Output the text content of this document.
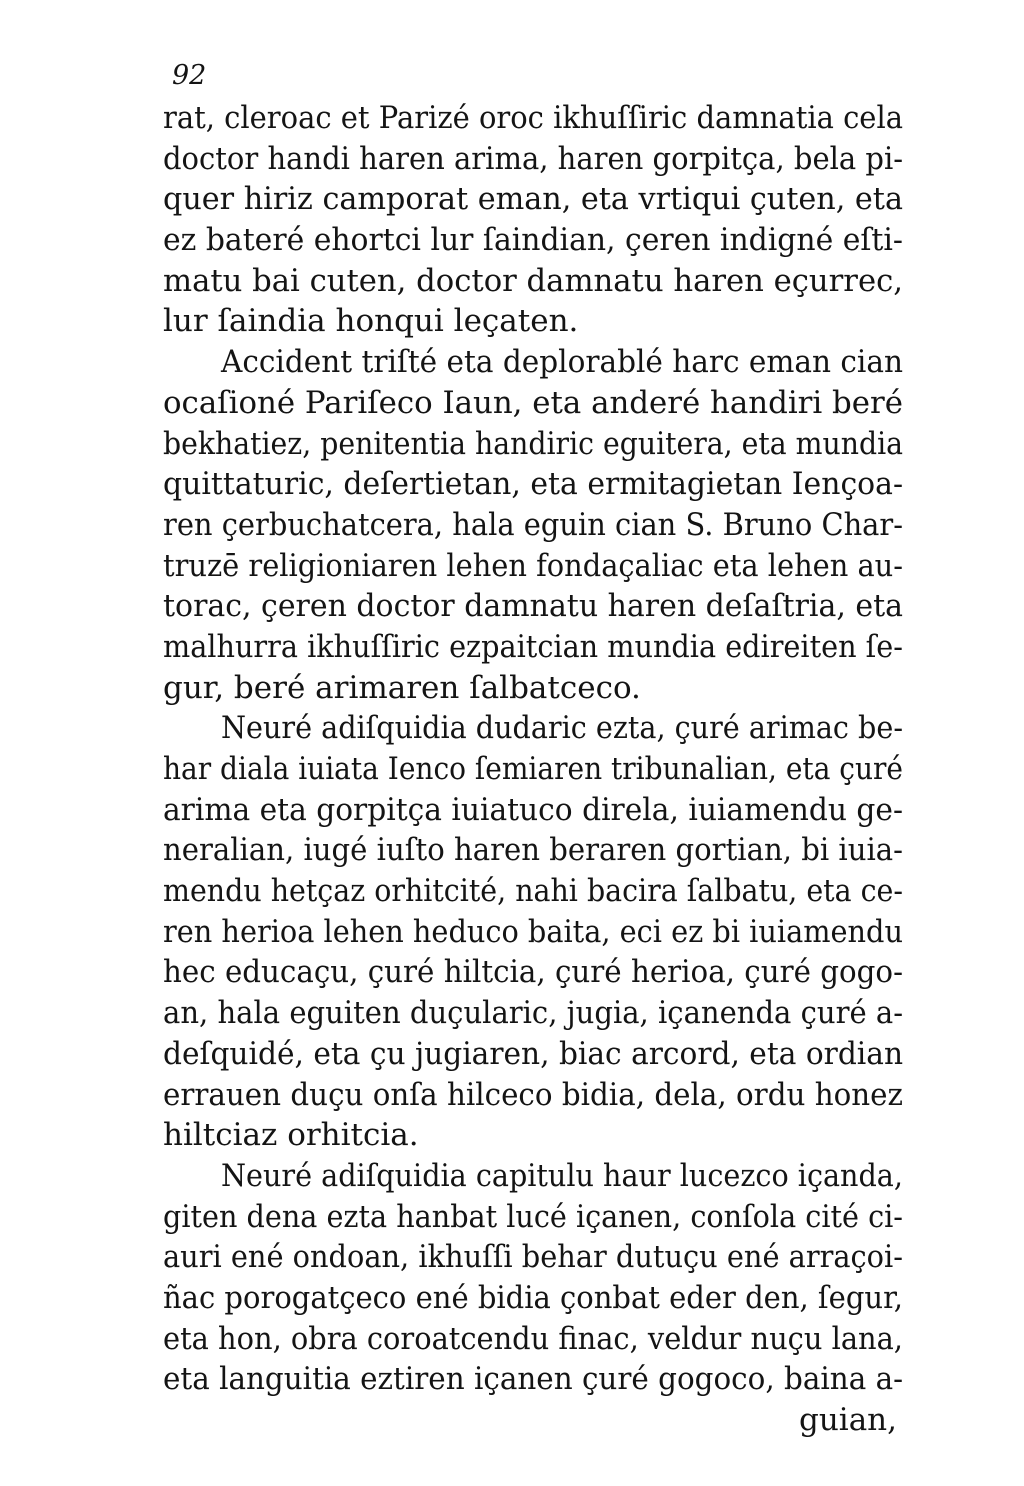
92
rat, cleroac et Parizé oroc ikhuſſiric damnatia cela
doctor handi haren arima, haren gorpitça, bela pi-
quer hiriz camporat eman, eta vrtiqui çuten, eta
ez bateré ehortci lur ſaindian, çeren indigné eſti-
matu bai cuten, doctor damnatu haren eçurrec,
lur ſaindia honqui leçaten.
Accident triſté eta deplorablé harc eman cian
ocaſioné Pariſeco Iaun, eta anderé handiri beré
bekhatiez, penitentia handiric eguitera, eta mundia
quittaturic, deſertietan, eta ermitagietan Iençoa-
ren çerbuchatcera, hala eguin cian S. Bruno Char-
truzē religioniaren lehen fondaçaliac eta lehen au-
torac, çeren doctor damnatu haren deſaſtria, eta
malhurra ikhuſſiric ezpaitcian mundia edireiten ſe-
gur, beré arimaren ſalbatceco.
Neuré adiſquidia dudaric ezta, çuré arimac be-
har diala iuiata Ienco ſemiaren tribunalian, eta çuré
arima eta gorpitça iuiatuco direla, iuiamendu ge-
neralian, iugé iuſto haren beraren gortian, bi iuia-
mendu hetçaz orhitcité, nahi bacira ſalbatu, eta ce-
ren herioa lehen heduco baita, eci ez bi iuiamendu
hec educaçu, çuré hiltcia, çuré herioa, çuré gogo-
an, hala eguiten duçularic, jugia, içanenda çuré a-
deſquidé, eta çu jugiaren, biac arcord, eta ordian
errauen duçu onſa hilceco bidia, dela, ordu honez
hiltciaz orhitcia.
Neuré adiſquidia capitulu haur lucezco içanda,
giten dena ezta hanbat lucé içanen, conſola cité ci-
auri ené ondoan, ikhuſſi behar dutuçu ené arraçoi-
ñac porogatçeco ené bidia çonbat eder den, ſegur,
eta hon, obra coroatcendu finac, veldur nuçu lana,
eta languitia eztiren içanen çuré gogoco, baina a-
guian,
